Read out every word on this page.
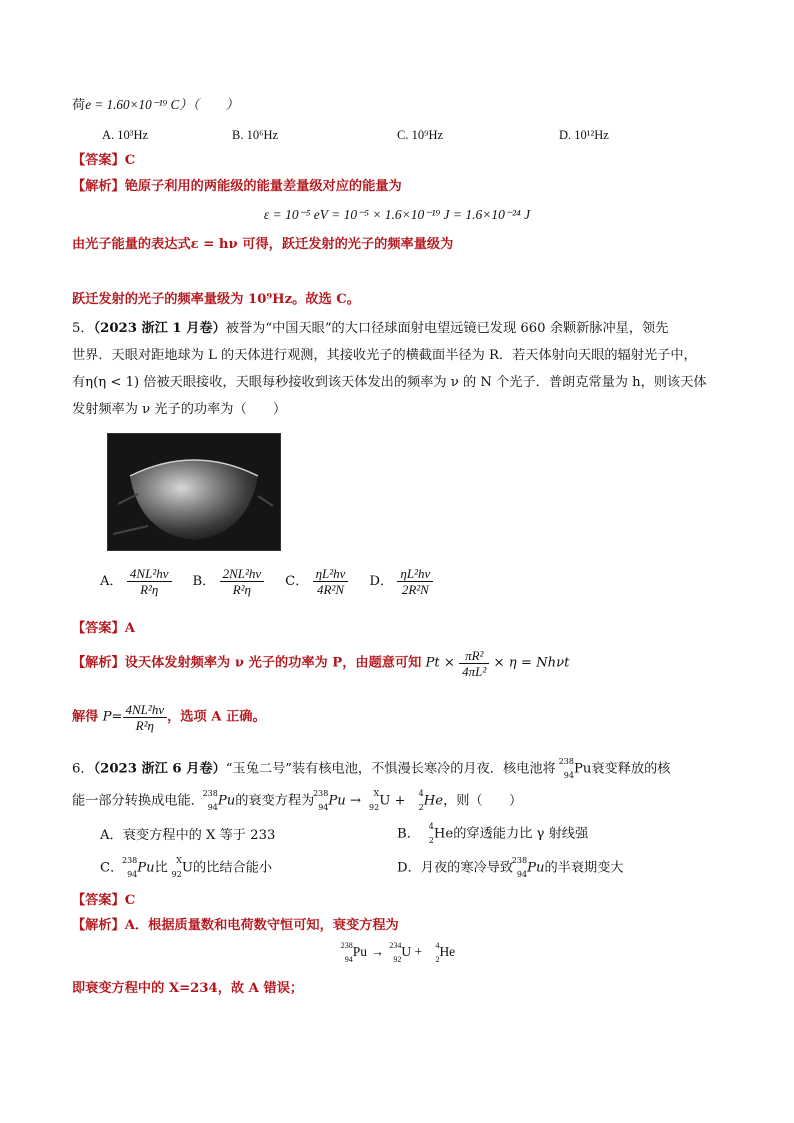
荷e = 1.60×10⁻¹⁹ C）（　　）
A. 10³Hz	B. 10⁶Hz	C. 10⁹Hz	D. 10¹²Hz
【答案】C
【解析】铯原子利用的两能级的能量差量级对应的能量为
ε = 10⁻⁵ eV = 10⁻⁵ × 1.6×10⁻¹⁹ J = 1.6×10⁻²⁴ J
由光子能量的表达式ε = hν 可得，跃迁发射的光子的频率量级为
跃迁发射的光子的频率量级为 10⁹Hz。故选 C。
5．（2023 浙江 1 月卷）被誉为“中国天眼”的大口径球面射电望远镜已发现 660 余颗新脉冲星，领先
世界．天眼对距地球为 L 的天体进行观测，其接收光子的横截面半径为 R．若天体射向天眼的辐射光子中，
有η(η < 1) 倍被天眼接收，天眼每秒接收到该天体发出的频率为 ν 的 N 个光子．普朗克常量为 h，则该天体
发射频率为 ν 光子的功率为（　　）
A． $\frac{\text{4NL²hν}}{\text{R²η}}$ B． $\frac{\text{2NL²hν}}{\text{R²η}}$ C． $\frac{\text{ηL²hν}}{\text{4R²N}}$ D． $\frac{\text{ηL²hν}}{\text{2R²N}}$
【答案】A
【解析】设天体发射频率为 ν 光子的功率为 P，由题意可知 $Pt \times \frac{\text{πR²}}{\text{4πL²}} \times \eta = Nh\nu t$
解得 $P= \frac{\text{4NL²hν}}{\text{R²η}}$ ，选项 A 正确。
6．（2023 浙江 6 月卷）“玉兔二号”装有核电池，不惧漫长寒冷的月夜．核电池将 238
94 Pu衰变释放的核
能一部分转换成电能．
238
94 Pu的衰变方程为
238
94 Pu → X
92 U + 4
2 He，则（　　）
A．衰变方程中的 X 等于 233	B． 4
2 He的穿透能力比 γ 射线强
C．
238
94 Pu比 X
92 U的比结合能小	D．月夜的寒冷导致
238
94 Pu的半衰期变大
【答案】C
【解析】A．根据质量数和电荷数守恒可知，衰变方程为
238
94
Pu → 234
92
U + 4
2
He
即衰变方程中的 X=234，故 A 错误；
